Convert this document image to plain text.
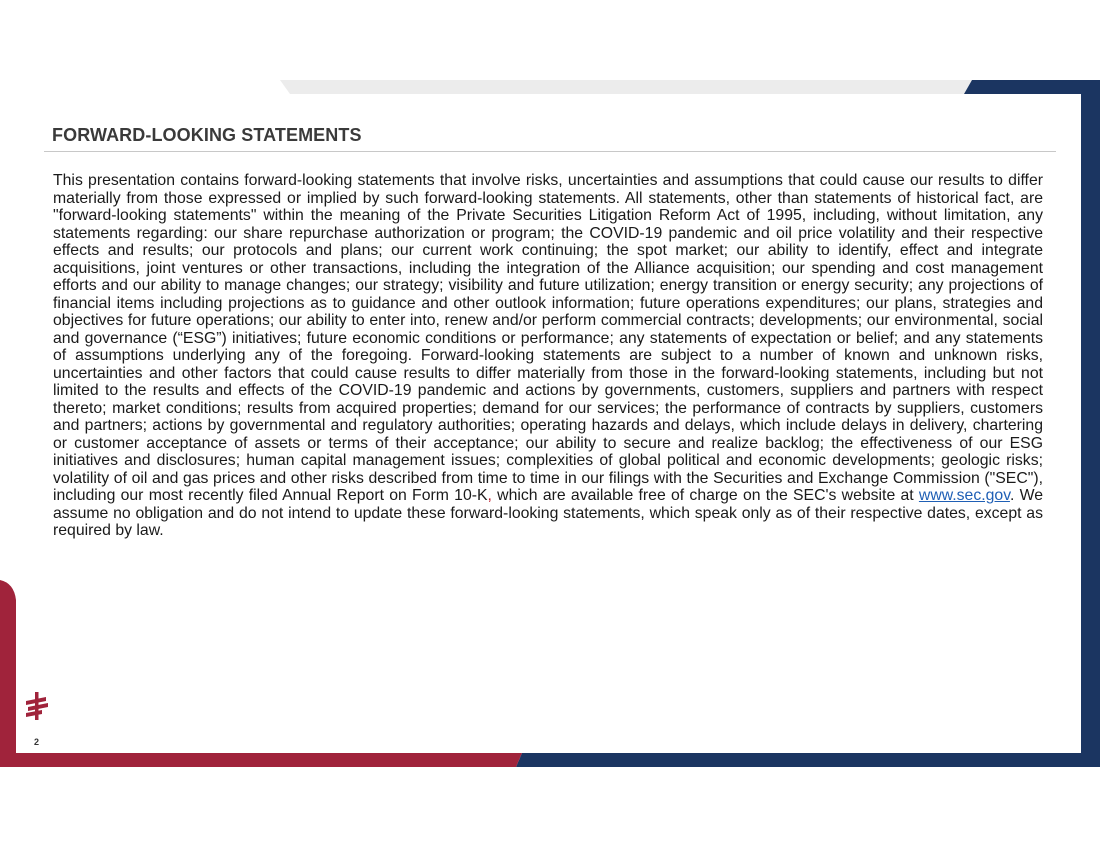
FORWARD-LOOKING STATEMENTS

This presentation contains forward-looking statements that involve risks, uncertainties and assumptions that could cause our results to differ materially from those expressed or implied by such forward-looking statements. All statements, other than statements of historical fact, are "forward-looking statements" within the meaning of the Private Securities Litigation Reform Act of 1995, including, without limitation, any statements regarding: our share repurchase authorization or program; the COVID-19 pandemic and oil price volatility and their respective effects and results; our protocols and plans; our current work continuing; the spot market; our ability to identify, effect and integrate acquisitions, joint ventures or other transactions, including the integration of the Alliance acquisition; our spending and cost management efforts and our ability to manage changes; our strategy; visibility and future utilization; energy transition or energy security; any projections of financial items including projections as to guidance and other outlook information; future operations expenditures; our plans, strategies and objectives for future operations; our ability to enter into, renew and/or perform commercial contracts; developments; our environmental, social and governance (“ESG”) initiatives; future economic conditions or performance; any statements of expectation or belief; and any statements of assumptions underlying any of the foregoing. Forward-looking statements are subject to a number of known and unknown risks, uncertainties and other factors that could cause results to differ materially from those in the forward-looking statements, including but not limited to the results and effects of the COVID-19 pandemic and actions by governments, customers, suppliers and partners with respect thereto; market conditions; results from acquired properties; demand for our services; the performance of contracts by suppliers, customers and partners; actions by governmental and regulatory authorities; operating hazards and delays, which include delays in delivery, chartering or customer acceptance of assets or terms of their acceptance; our ability to secure and realize backlog; the effectiveness of our ESG initiatives and disclosures; human capital management issues; complexities of global political and economic developments; geologic risks; volatility of oil and gas prices and other risks described from time to time in our filings with the Securities and Exchange Commission ("SEC"), including our most recently filed Annual Report on Form 10-K, which are available free of charge on the SEC's website at www.sec.gov. We assume no obligation and do not intend to update these forward-looking statements, which speak only as of their respective dates, except as required by law.

2
